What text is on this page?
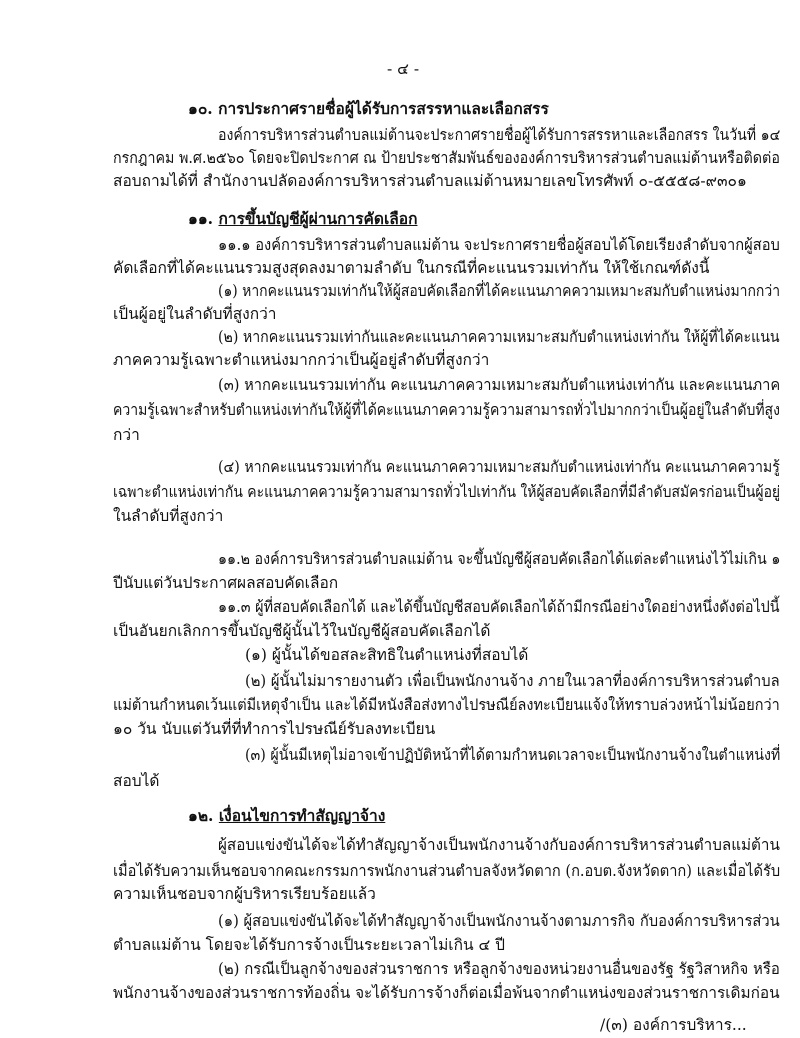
- ๔ -
๑๐. การประกาศรายชื่อผู้ได้รับการสรรหาและเลือกสรร
องค์การบริหารส่วนตำบลแม่ต้านจะประกาศรายชื่อผู้ได้รับการสรรหาและเลือกสรร ในวันที่ ๑๔
กรกฎาคม พ.ศ.๒๕๖๐ โดยจะปิดประกาศ ณ ป้ายประชาสัมพันธ์ขององค์การบริหารส่วนตำบลแม่ต้านหรือติดต่อ
สอบถามได้ที่ สำนักงานปลัดองค์การบริหารส่วนตำบลแม่ต้านหมายเลขโทรศัพท์ ๐-๕๕๕๘-๙๓๐๑
๑๑. การขึ้นบัญชีผู้ผ่านการคัดเลือก
๑๑.๑ องค์การบริหารส่วนตำบลแม่ต้าน จะประกาศรายชื่อผู้สอบได้โดยเรียงลำดับจากผู้สอบ
คัดเลือกที่ได้คะแนนรวมสูงสุดลงมาตามลำดับ ในกรณีที่คะแนนรวมเท่ากัน ให้ใช้เกณฑ์ดังนี้
(๑) หากคะแนนรวมเท่ากันให้ผู้สอบคัดเลือกที่ได้คะแนนภาคความเหมาะสมกับตำแหน่งมากกว่า
เป็นผู้อยู่ในลำดับที่สูงกว่า
(๒) หากคะแนนรวมเท่ากันและคะแนนภาคความเหมาะสมกับตำแหน่งเท่ากัน ให้ผู้ที่ได้คะแนน
ภาคความรู้เฉพาะตำแหน่งมากกว่าเป็นผู้อยู่ลำดับที่สูงกว่า
(๓) หากคะแนนรวมเท่ากัน คะแนนภาคความเหมาะสมกับตำแหน่งเท่ากัน และคะแนนภาค
ความรู้เฉพาะสำหรับตำแหน่งเท่ากันให้ผู้ที่ได้คะแนนภาคความรู้ความสามารถทั่วไปมากกว่าเป็นผู้อยู่ในลำดับที่สูง
กว่า
(๔) หากคะแนนรวมเท่ากัน คะแนนภาคความเหมาะสมกับตำแหน่งเท่ากัน คะแนนภาคความรู้
เฉพาะตำแหน่งเท่ากัน คะแนนภาคความรู้ความสามารถทั่วไปเท่ากัน ให้ผู้สอบคัดเลือกที่มีลำดับสมัครก่อนเป็นผู้อยู่
ในลำดับที่สูงกว่า
๑๑.๒ องค์การบริหารส่วนตำบลแม่ต้าน จะขึ้นบัญชีผู้สอบคัดเลือกได้แต่ละตำแหน่งไว้ไม่เกิน ๑
ปีนับแต่วันประกาศผลสอบคัดเลือก
๑๑.๓ ผู้ที่สอบคัดเลือกได้ และได้ขึ้นบัญชีสอบคัดเลือกได้ถ้ามีกรณีอย่างใดอย่างหนึ่งดังต่อไปนี้
เป็นอันยกเลิกการขึ้นบัญชีผู้นั้นไว้ในบัญชีผู้สอบคัดเลือกได้
(๑) ผู้นั้นได้ขอสละสิทธิในตำแหน่งที่สอบได้
(๒) ผู้นั้นไม่มารายงานตัว เพื่อเป็นพนักงานจ้าง ภายในเวลาที่องค์การบริหารส่วนตำบล
แม่ต้านกำหนดเว้นแต่มีเหตุจำเป็น และได้มีหนังสือส่งทางไปรษณีย์ลงทะเบียนแจ้งให้ทราบล่วงหน้าไม่น้อยกว่า
๑๐ วัน นับแต่วันที่ที่ทำการไปรษณีย์รับลงทะเบียน
(๓) ผู้นั้นมีเหตุไม่อาจเข้าปฏิบัติหน้าที่ได้ตามกำหนดเวลาจะเป็นพนักงานจ้างในตำแหน่งที่
สอบได้
๑๒. เงื่อนไขการทำสัญญาจ้าง
ผู้สอบแข่งขันได้จะได้ทำสัญญาจ้างเป็นพนักงานจ้างกับองค์การบริหารส่วนตำบลแม่ต้าน
เมื่อได้รับความเห็นชอบจากคณะกรรมการพนักงานส่วนตำบลจังหวัดตาก (ก.อบต.จังหวัดตาก) และเมื่อได้รับ
ความเห็นชอบจากผู้บริหารเรียบร้อยแล้ว
(๑) ผู้สอบแข่งขันได้จะได้ทำสัญญาจ้างเป็นพนักงานจ้างตามภารกิจ กับองค์การบริหารส่วน
ตำบลแม่ต้าน โดยจะได้รับการจ้างเป็นระยะเวลาไม่เกิน ๔ ปี
(๒) กรณีเป็นลูกจ้างของส่วนราชการ หรือลูกจ้างของหน่วยงานอื่นของรัฐ รัฐวิสาหกิจ หรือ
พนักงานจ้างของส่วนราชการท้องถิ่น จะได้รับการจ้างก็ต่อเมื่อพ้นจากตำแหน่งของส่วนราชการเดิมก่อน
/(๓) องค์การบริหาร...
